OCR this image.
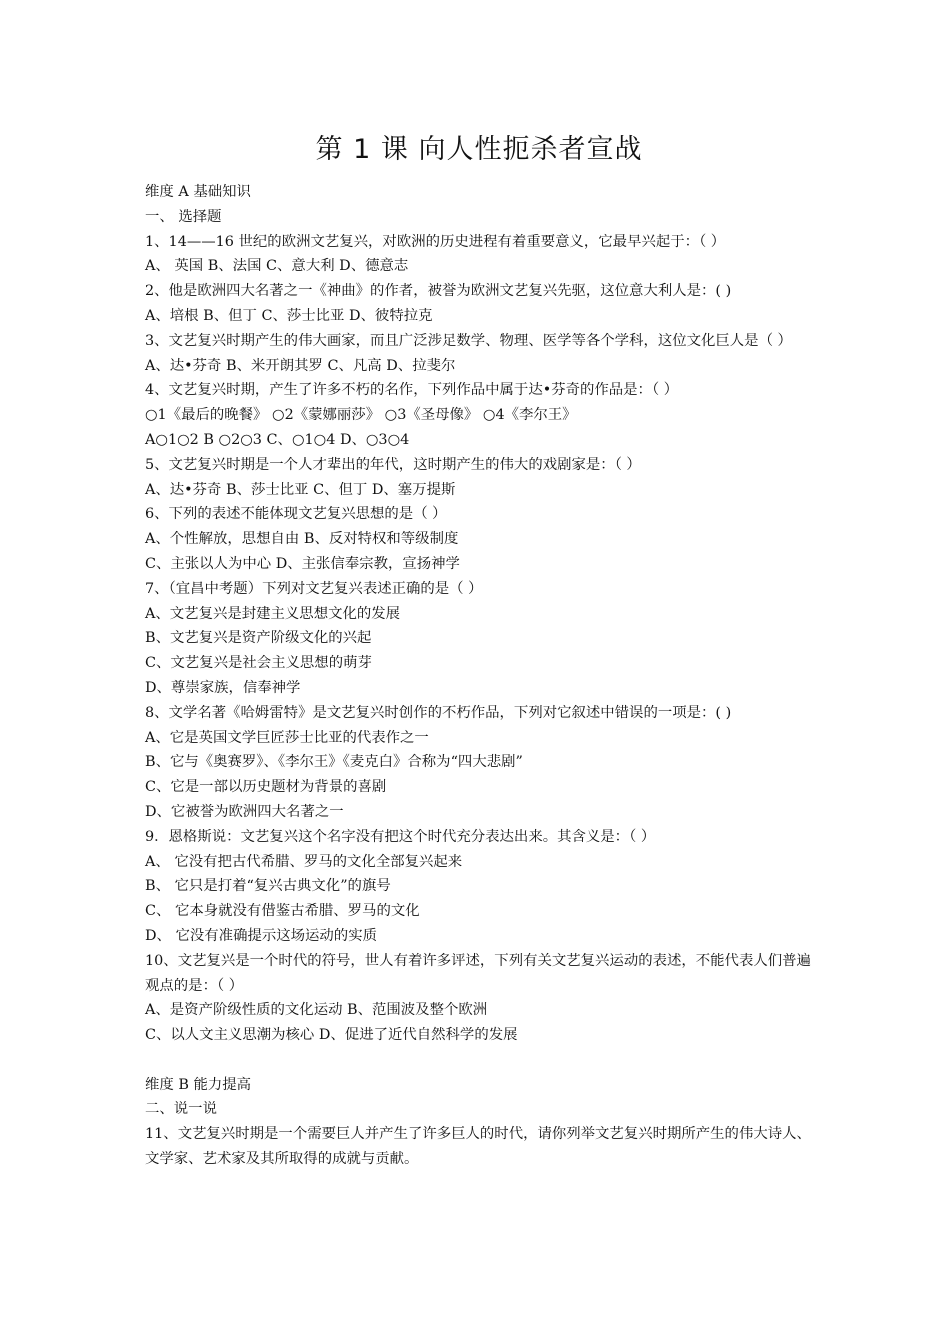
第 1 课 向人性扼杀者宣战
维度 A 基础知识
一、 选择题
1、14——16 世纪的欧洲文艺复兴，对欧洲的历史进程有着重要意义，它最早兴起于：（ ）
A、 英国 B、法国 C、意大利 D、德意志
2、他是欧洲四大名著之一《神曲》的作者，被誉为欧洲文艺复兴先驱，这位意大利人是：( )
A、培根 B、但丁 C、莎士比亚 D、彼特拉克
3、文艺复兴时期产生的伟大画家，而且广泛涉足数学、物理、医学等各个学科，这位文化巨人是（ ）
A、达•芬奇 B、米开朗其罗 C、凡高 D、拉斐尔
4、文艺复兴时期，产生了许多不朽的名作，下列作品中属于达•芬奇的作品是：（ ）
○1《最后的晚餐》 ○2《蒙娜丽莎》 ○3《圣母像》 ○4《李尔王》
A○1○2 B ○2○3 C、○1○4 D、○3○4
5、文艺复兴时期是一个人才辈出的年代，这时期产生的伟大的戏剧家是：（ ）
A、达•芬奇 B、莎士比亚 C、但丁 D、塞万提斯
6、下列的表述不能体现文艺复兴思想的是（ ）
A、个性解放，思想自由 B、反对特权和等级制度
C、主张以人为中心 D、主张信奉宗教，宣扬神学
7、（宜昌中考题）下列对文艺复兴表述正确的是（ ）
A、文艺复兴是封建主义思想文化的发展
B、文艺复兴是资产阶级文化的兴起
C、文艺复兴是社会主义思想的萌芽
D、尊崇家族，信奉神学
8、文学名著《哈姆雷特》是文艺复兴时创作的不朽作品，下列对它叙述中错误的一项是：( )
A、它是英国文学巨匠莎士比亚的代表作之一
B、它与《奥赛罗》、《李尔王》《麦克白》合称为“四大悲剧”
C、它是一部以历史题材为背景的喜剧
D、它被誉为欧洲四大名著之一
9．恩格斯说：文艺复兴这个名字没有把这个时代充分表达出来。其含义是：（ ）
A、 它没有把古代希腊、罗马的文化全部复兴起来
B、 它只是打着“复兴古典文化”的旗号
C、 它本身就没有借鉴古希腊、罗马的文化
D、 它没有准确提示这场运动的实质
10、文艺复兴是一个时代的符号，世人有着许多评述，下列有关文艺复兴运动的表述，不能代表人们普遍观点的是：（ ）
A、是资产阶级性质的文化运动 B、范围波及整个欧洲
C、以人文主义思潮为核心 D、促进了近代自然科学的发展
维度 B 能力提高
二、说一说
11、文艺复兴时期是一个需要巨人并产生了许多巨人的时代，请你列举文艺复兴时期所产生的伟大诗人、文学家、艺术家及其所取得的成就与贡献。
